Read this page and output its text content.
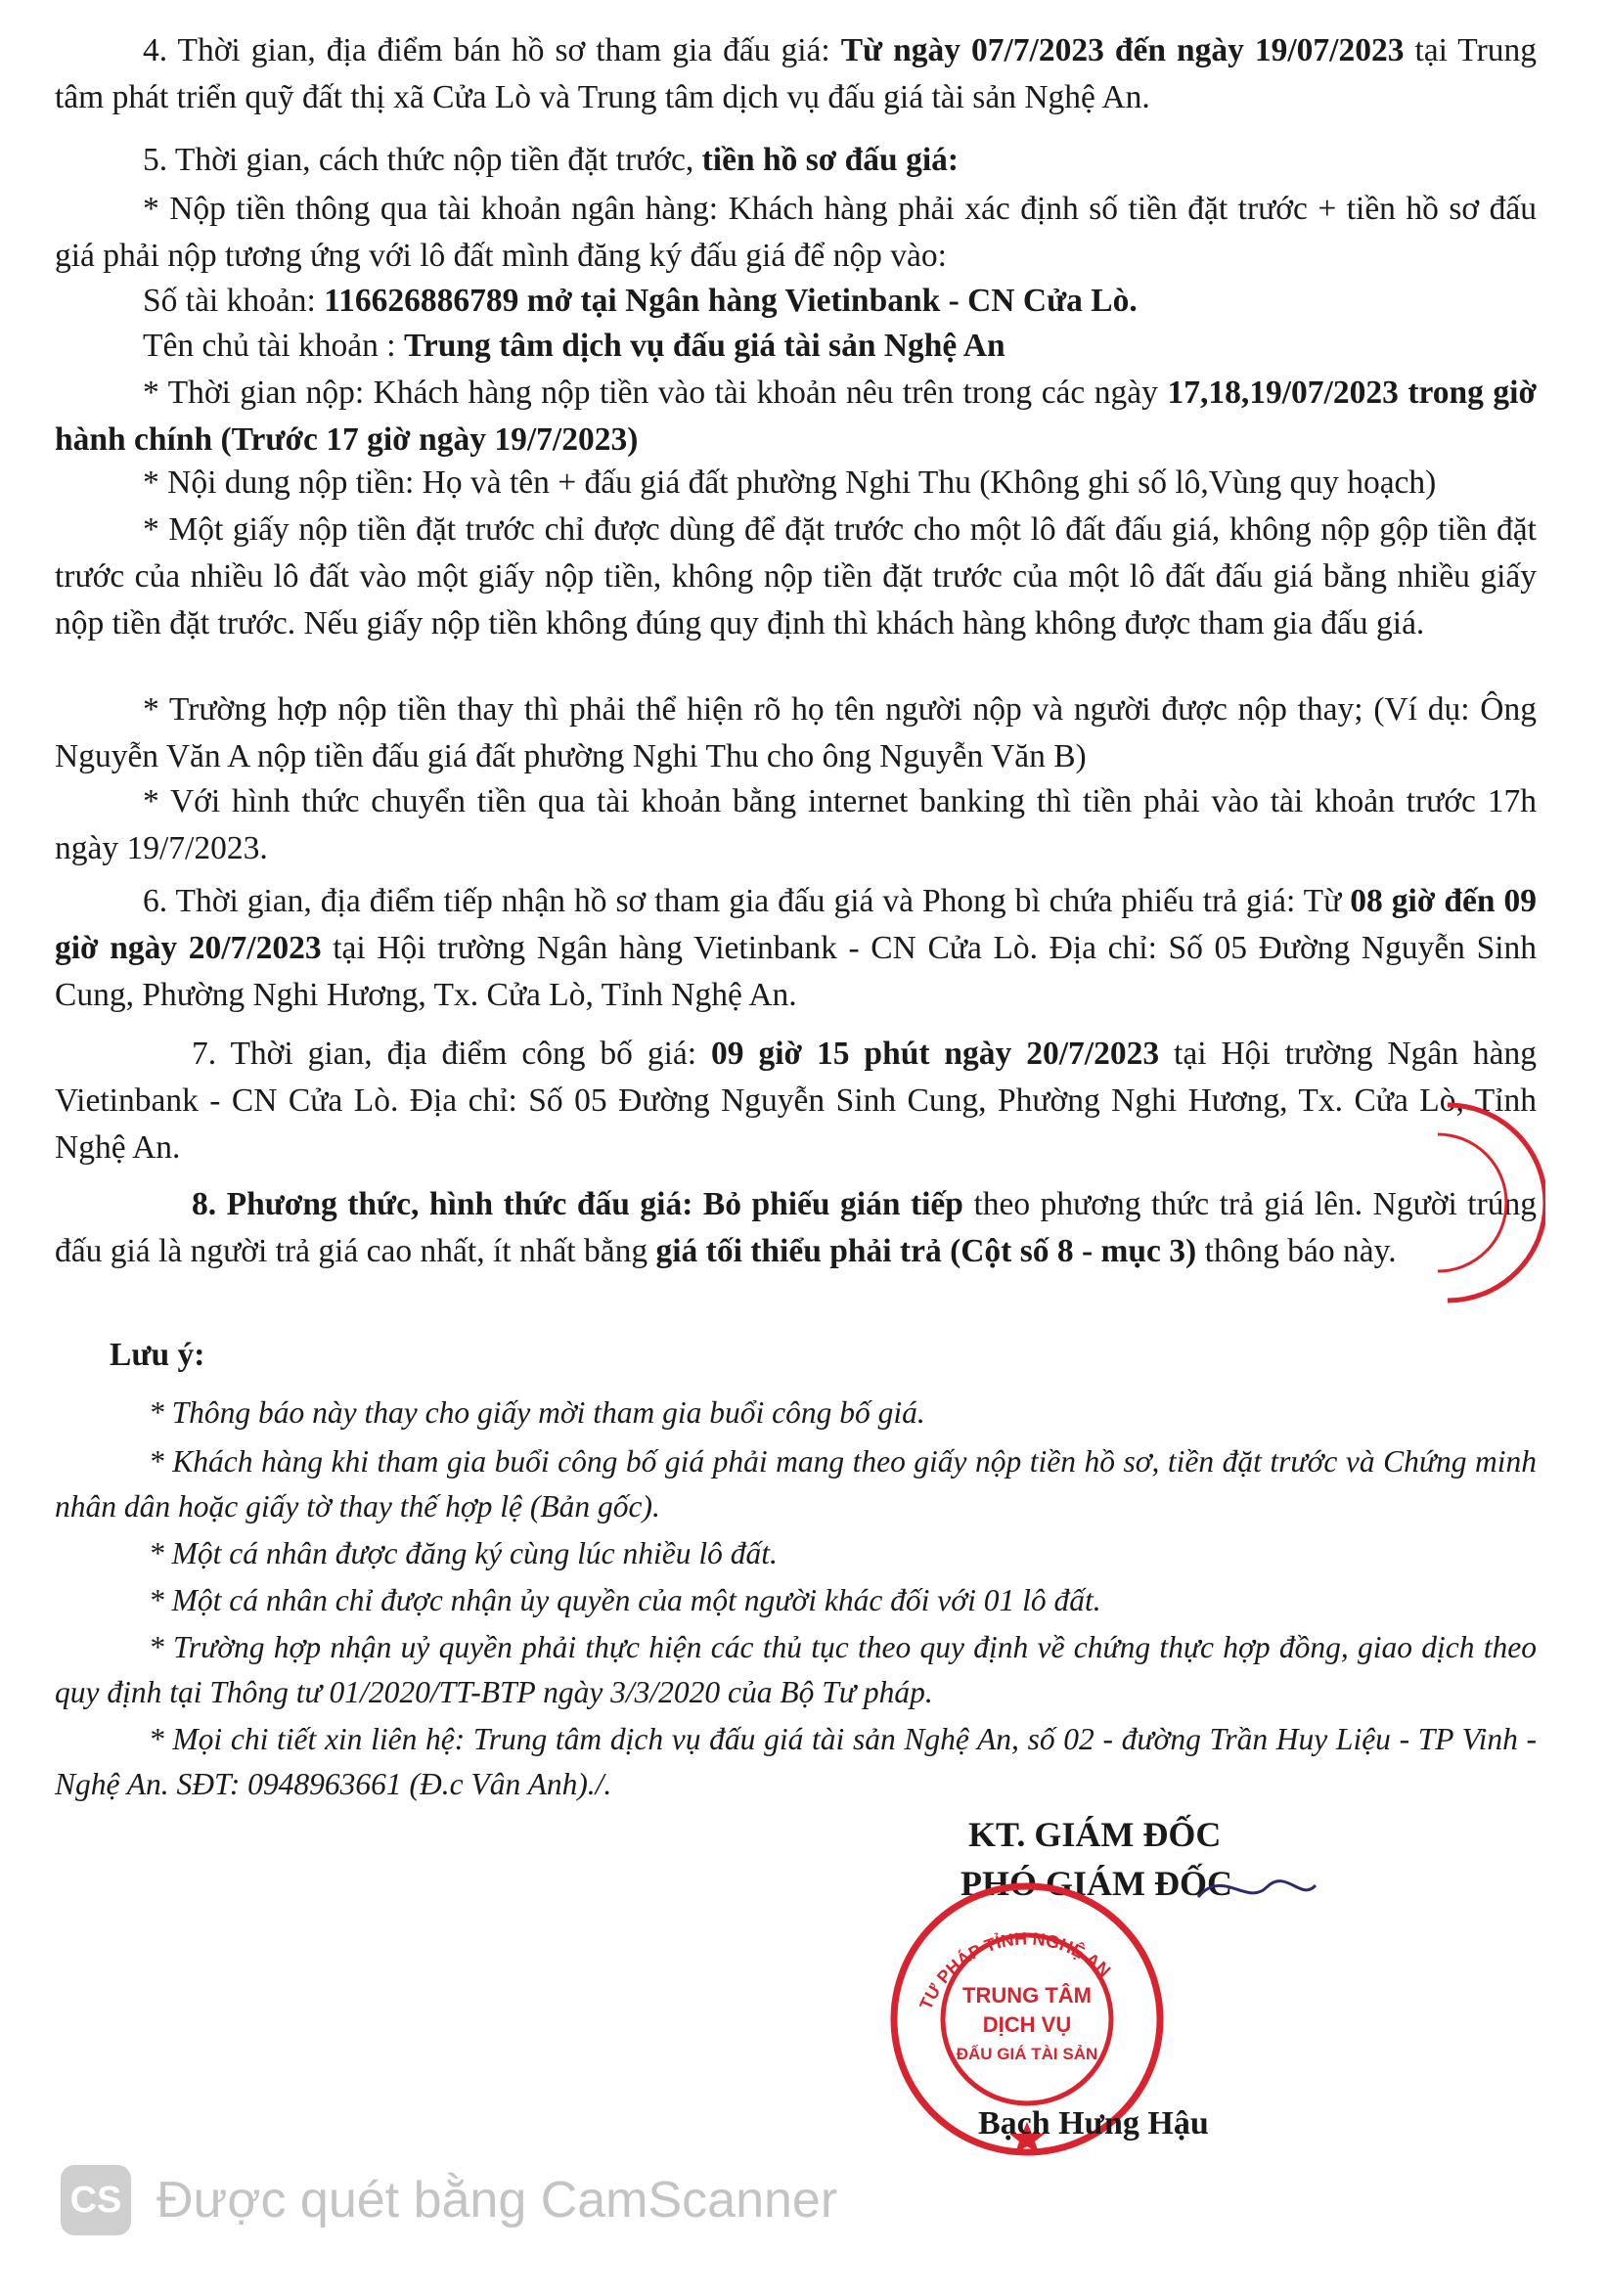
4. Thời gian, địa điểm bán hồ sơ tham gia đấu giá: Từ ngày 07/7/2023 đến ngày 19/07/2023 tại Trung tâm phát triển quỹ đất thị xã Cửa Lò và Trung tâm dịch vụ đấu giá tài sản Nghệ An.

5. Thời gian, cách thức nộp tiền đặt trước, tiền hồ sơ đấu giá:

* Nộp tiền thông qua tài khoản ngân hàng: Khách hàng phải xác định số tiền đặt trước + tiền hồ sơ đấu giá phải nộp tương ứng với lô đất mình đăng ký đấu giá để nộp vào:

Số tài khoản: 116626886789 mở tại Ngân hàng Vietinbank - CN Cửa Lò.

Tên chủ tài khoản : Trung tâm dịch vụ đấu giá tài sản Nghệ An

* Thời gian nộp: Khách hàng nộp tiền vào tài khoản nêu trên trong các ngày 17,18,19/07/2023 trong giờ hành chính (Trước 17 giờ ngày 19/7/2023)

* Nội dung nộp tiền: Họ và tên + đấu giá đất phường Nghi Thu (Không ghi số lô,Vùng quy hoạch)

* Một giấy nộp tiền đặt trước chỉ được dùng để đặt trước cho một lô đất đấu giá, không nộp gộp tiền đặt trước của nhiều lô đất vào một giấy nộp tiền, không nộp tiền đặt trước của một lô đất đấu giá bằng nhiều giấy nộp tiền đặt trước. Nếu giấy nộp tiền không đúng quy định thì khách hàng không được tham gia đấu giá.

* Trường hợp nộp tiền thay thì phải thể hiện rõ họ tên người nộp và người được nộp thay; (Ví dụ: Ông Nguyễn Văn A nộp tiền đấu giá đất phường Nghi Thu cho ông Nguyễn Văn B)

* Với hình thức chuyển tiền qua tài khoản bằng internet banking thì tiền phải vào tài khoản trước 17h ngày 19/7/2023.

6. Thời gian, địa điểm tiếp nhận hồ sơ tham gia đấu giá và Phong bì chứa phiếu trả giá: Từ 08 giờ đến 09 giờ ngày 20/7/2023 tại Hội trường Ngân hàng Vietinbank - CN Cửa Lò. Địa chỉ: Số 05 Đường Nguyễn Sinh Cung, Phường Nghi Hương, Tx. Cửa Lò, Tỉnh Nghệ An.

7. Thời gian, địa điểm công bố giá: 09 giờ 15 phút ngày 20/7/2023 tại Hội trường Ngân hàng Vietinbank - CN Cửa Lò. Địa chỉ: Số 05 Đường Nguyễn Sinh Cung, Phường Nghi Hương, Tx. Cửa Lò, Tỉnh Nghệ An.

8. Phương thức, hình thức đấu giá: Bỏ phiếu gián tiếp theo phương thức trả giá lên. Người trúng đấu giá là người trả giá cao nhất, ít nhất bằng giá tối thiểu phải trả (Cột số 8 - mục 3) thông báo này.

Lưu ý:

* Thông báo này thay cho giấy mời tham gia buổi công bố giá.

* Khách hàng khi tham gia buổi công bố giá phải mang theo giấy nộp tiền hồ sơ, tiền đặt trước và Chứng minh nhân dân hoặc giấy tờ thay thế hợp lệ (Bản gốc).

* Một cá nhân được đăng ký cùng lúc nhiều lô đất.

* Một cá nhân chỉ được nhận ủy quyền của một người khác đối với 01 lô đất.

* Trường hợp nhận uỷ quyền phải thực hiện các thủ tục theo quy định về chứng thực hợp đồng, giao dịch theo quy định tại Thông tư 01/2020/TT-BTP ngày 3/3/2020 của Bộ Tư pháp.

* Mọi chi tiết xin liên hệ: Trung tâm dịch vụ đấu giá tài sản Nghệ An, số 02 - đường Trần Huy Liệu - TP Vinh - Nghệ An. SĐT: 0948963661 (Đ.c Vân Anh)./.

KT. GIÁM ĐỐC
PHÓ GIÁM ĐỐC
TRUNG TÂM
DỊCH VỤ
ĐẤU GIÁ TÀI SẢN
TƯ PHÁP TỈNH NGHỆ AN
Bạch Hưng Hậu
CS Được quét bằng CamScanner
